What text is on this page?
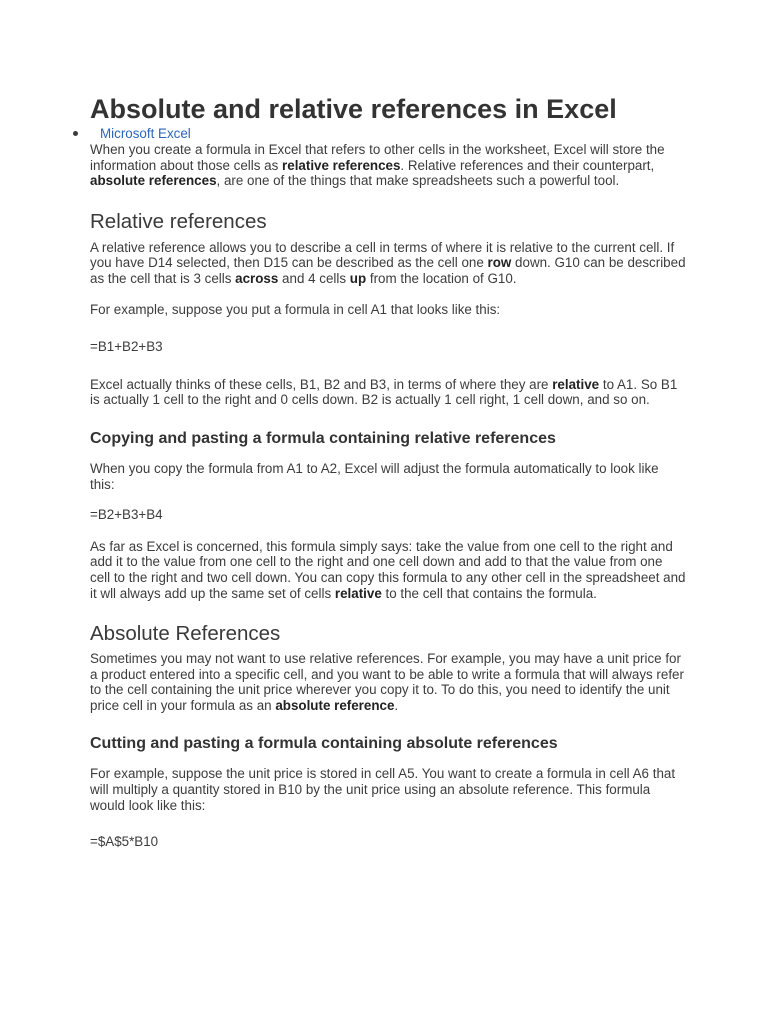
Absolute and relative references in Excel
Microsoft Excel

When you create a formula in Excel that refers to other cells in the worksheet, Excel will store the information about those cells as relative references. Relative references and their counterpart, absolute references, are one of the things that make spreadsheets such a powerful tool.

Relative references

A relative reference allows you to describe a cell in terms of where it is relative to the current cell. If you have D14 selected, then D15 can be described as the cell one row down. G10 can be described as the cell that is 3 cells across and 4 cells up from the location of G10.

For example, suppose you put a formula in cell A1 that looks like this:

=B1+B2+B3

Excel actually thinks of these cells, B1, B2 and B3, in terms of where they are relative to A1. So B1 is actually 1 cell to the right and 0 cells down. B2 is actually 1 cell right, 1 cell down, and so on.

Copying and pasting a formula containing relative references

When you copy the formula from A1 to A2, Excel will adjust the formula automatically to look like this:

=B2+B3+B4

As far as Excel is concerned, this formula simply says: take the value from one cell to the right and add it to the value from one cell to the right and one cell down and add to that the value from one cell to the right and two cell down. You can copy this formula to any other cell in the spreadsheet and it wll always add up the same set of cells relative to the cell that contains the formula.

Absolute References

Sometimes you may not want to use relative references. For example, you may have a unit price for a product entered into a specific cell, and you want to be able to write a formula that will always refer to the cell containing the unit price wherever you copy it to. To do this, you need to identify the unit price cell in your formula as an absolute reference.

Cutting and pasting a formula containing absolute references

For example, suppose the unit price is stored in cell A5. You want to create a formula in cell A6 that will multiply a quantity stored in B10 by the unit price using an absolute reference. This formula would look like this:

=$A$5*B10
